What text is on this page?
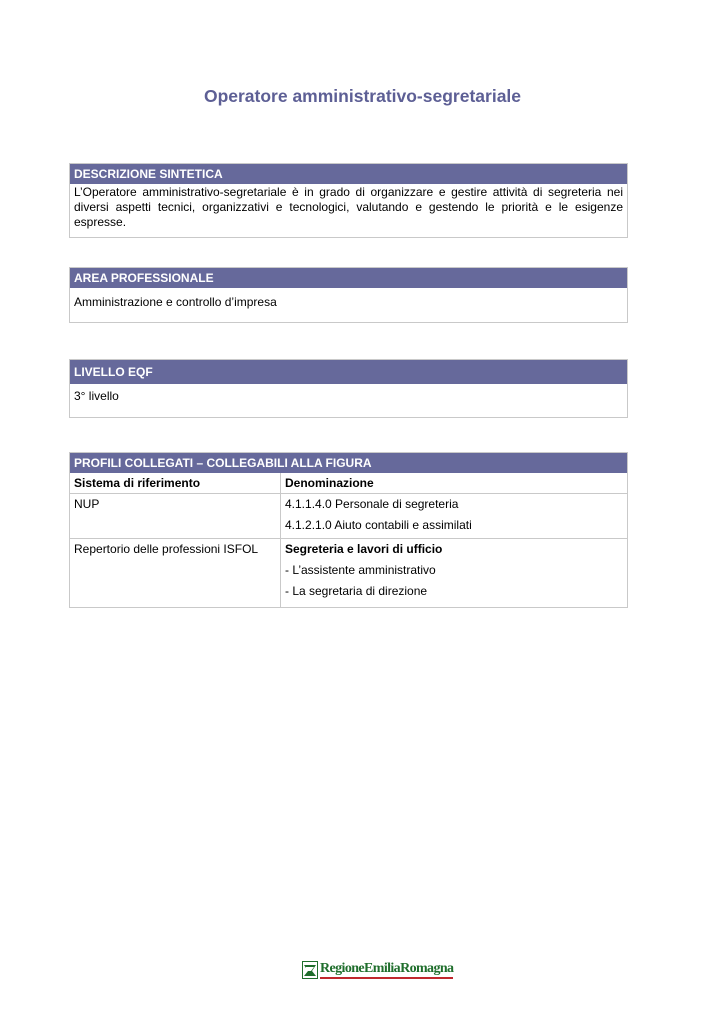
Operatore amministrativo-segretariale
DESCRIZIONE SINTETICA
L’Operatore amministrativo-segretariale è in grado di organizzare e gestire attività di segreteria nei diversi aspetti tecnici, organizzativi e tecnologici, valutando e gestendo le priorità e le esigenze espresse.
AREA PROFESSIONALE
Amministrazione e controllo d’impresa
LIVELLO EQF
3° livello
PROFILI COLLEGATI – COLLEGABILI ALLA FIGURA
Sistema di riferimento	Denominazione
NUP	4.1.1.4.0 Personale di segreteria
4.1.2.1.0 Aiuto contabili e assimilati

Repertorio delle professioni ISFOL	Segreteria e lavori di ufficio
- L’assistente amministrativo
- La segretaria di direzione
RegioneEmiliaRomagna
